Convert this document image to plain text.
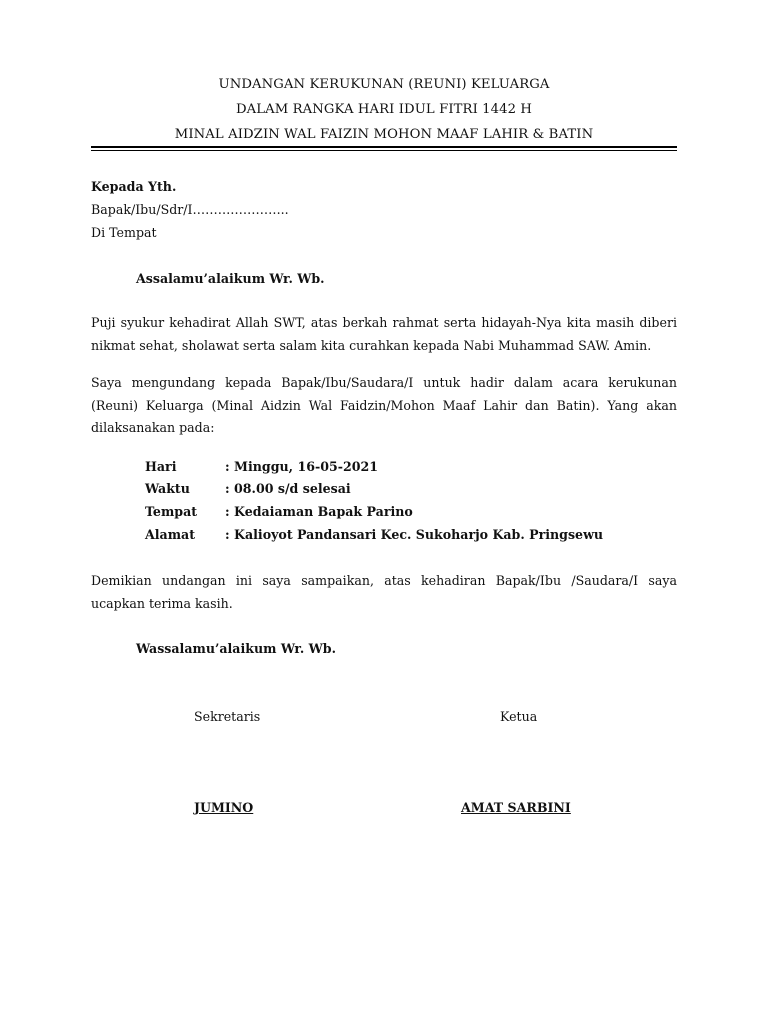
UNDANGAN KERUKUNAN (REUNI) KELUARGA
DALAM RANGKA HARI IDUL FITRI 1442 H
MINAL AIDZIN WAL FAIZIN MOHON MAAF LAHIR & BATIN
Kepada Yth.
Bapak/Ibu/Sdr/I…………………..
Di Tempat
Assalamu’alaikum Wr. Wb.
Puji syukur kehadirat Allah SWT, atas berkah rahmat serta hidayah-Nya kita masih diberi nikmat sehat, sholawat serta salam kita curahkan kepada Nabi Muhammad SAW. Amin.
Saya mengundang kepada Bapak/Ibu/Saudara/I untuk hadir dalam acara kerukunan (Reuni) Keluarga (Minal Aidzin Wal Faidzin/Mohon Maaf Lahir dan Batin). Yang akan dilaksanakan pada:
Hari	: Minggu, 16-05-2021
Waktu	: 08.00 s/d selesai
Tempat : Kedaiaman Bapak Parino
Alamat : Kalioyot Pandansari Kec. Sukoharjo Kab. Pringsewu
Demikian undangan ini saya sampaikan, atas kehadiran Bapak/Ibu /Saudara/I saya ucapkan terima kasih.
Wassalamu’alaikum Wr. Wb.
Sekretaris	Ketua
JUMINO	AMAT SARBINI
